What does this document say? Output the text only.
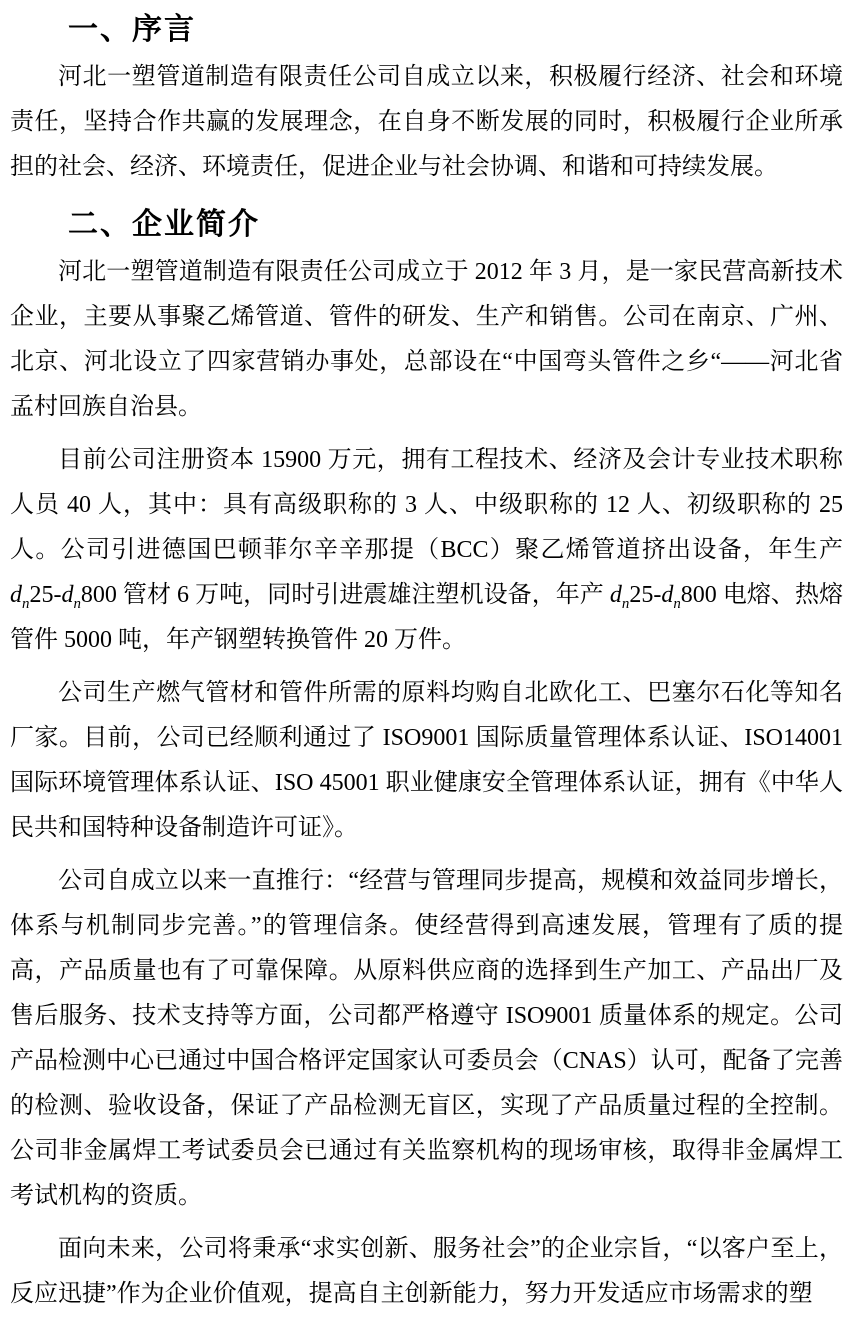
一、序言

河北一塑管道制造有限责任公司自成立以来，积极履行经济、社会和环境责任，坚持合作共赢的发展理念，在自身不断发展的同时，积极履行企业所承担的社会、经济、环境责任，促进企业与社会协调、和谐和可持续发展。

二、企业简介

河北一塑管道制造有限责任公司成立于 2012 年 3 月，是一家民营高新技术企业，主要从事聚乙烯管道、管件的研发、生产和销售。公司在南京、广州、北京、河北设立了四家营销办事处，总部设在“中国弯头管件之乡“——河北省孟村回族自治县。

目前公司注册资本 15900 万元，拥有工程技术、经济及会计专业技术职称人员 40 人，其中：具有高级职称的 3 人、中级职称的 12 人、初级职称的 25 人。公司引进德国巴顿菲尔辛辛那提（BCC）聚乙烯管道挤出设备，年生产 $d_n25-d_n800$ 管材 6 万吨，同时引进震雄注塑机设备，年产 $d_n25-d_n800$ 电熔、热熔管件 5000 吨，年产钢塑转换管件 20 万件。

公司生产燃气管材和管件所需的原料均购自北欧化工、巴塞尔石化等知名厂家。目前，公司已经顺利通过了 ISO9001 国际质量管理体系认证、ISO14001 国际环境管理体系认证、ISO 45001 职业健康安全管理体系认证，拥有《中华人民共和国特种设备制造许可证》。

公司自成立以来一直推行：“经营与管理同步提高，规模和效益同步增长，体系与机制同步完善。”的管理信条。使经营得到高速发展，管理有了质的提高，产品质量也有了可靠保障。从原料供应商的选择到生产加工、产品出厂及售后服务、技术支持等方面，公司都严格遵守 ISO9001 质量体系的规定。公司产品检测中心已通过中国合格评定国家认可委员会（CNAS）认可，配备了完善的检测、验收设备，保证了产品检测无盲区，实现了产品质量过程的全控制。公司非金属焊工考试委员会已通过有关监察机构的现场审核，取得非金属焊工考试机构的资质。

面向未来，公司将秉承“求实创新、服务社会”的企业宗旨，“以客户至上，反应迅捷”作为企业价值观，提高自主创新能力，努力开发适应市场需求的塑
